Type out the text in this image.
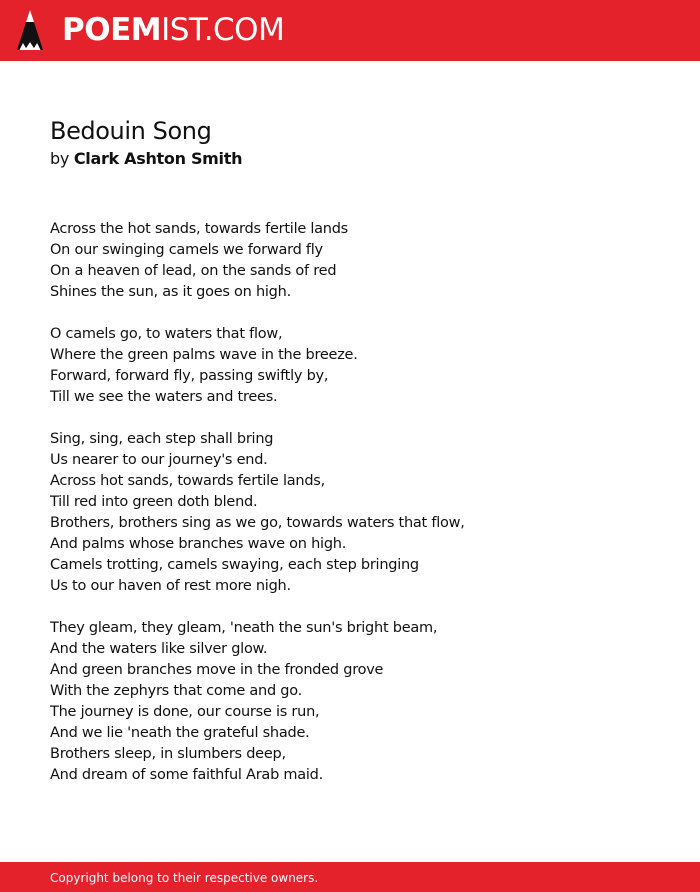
POEMIST.COM
Bedouin Song
by Clark Ashton Smith
Across the hot sands, towards fertile lands
On our swinging camels we forward fly
On a heaven of lead, on the sands of red
Shines the sun, as it goes on high.
O camels go, to waters that flow,
Where the green palms wave in the breeze.
Forward, forward fly, passing swiftly by,
Till we see the waters and trees.
Sing, sing, each step shall bring
Us nearer to our journey's end.
Across hot sands, towards fertile lands,
Till red into green doth blend.
Brothers, brothers sing as we go, towards waters that flow,
And palms whose branches wave on high.
Camels trotting, camels swaying, each step bringing
Us to our haven of rest more nigh.
They gleam, they gleam, 'neath the sun's bright beam,
And the waters like silver glow.
And green branches move in the fronded grove
With the zephyrs that come and go.
The journey is done, our course is run,
And we lie 'neath the grateful shade.
Brothers sleep, in slumbers deep,
And dream of some faithful Arab maid.
Copyright belong to their respective owners.
